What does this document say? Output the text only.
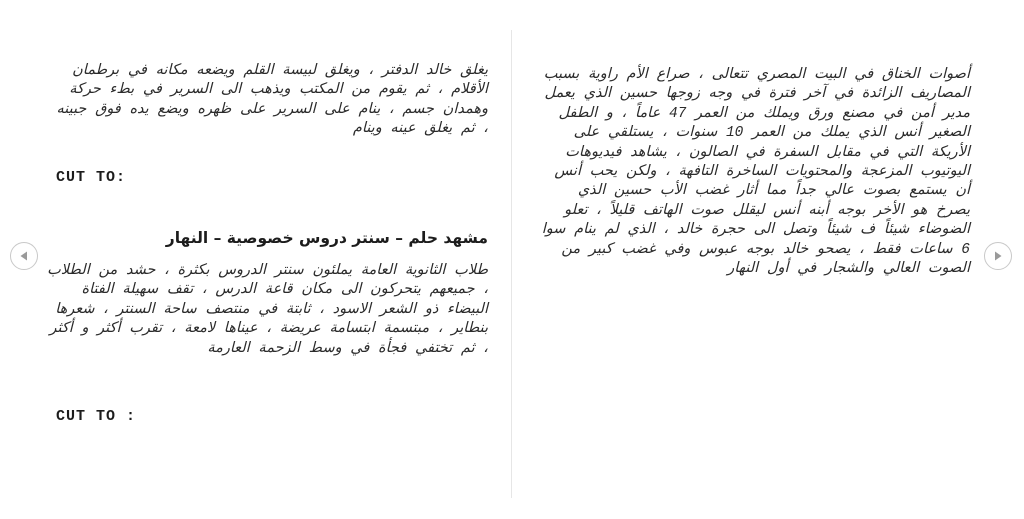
يغلق خالد الدفتر ، ويغلق لبيسة القلم ويضعه مكانه في برطمان الأقلام ، ثم يقوم من المكتب ويذهب الى السرير في بطء حركة وهمدان جسم ، ينام على السرير على ظهره ويضع يده فوق جبينه ، ثم يغلق عينه وينام
CUT TO:
مشهد حلم – سنتر دروس خصوصية – النهار
طلاب الثانوية العامة يملئون سنتر الدروس بكثرة ، حشد من الطلاب ، جميعهم يتحركون الى مكان قاعة الدرس ، تقف سهيلة الفتاة البيضاء ذو الشعر الاسود ، ثابتة في منتصف ساحة السنتر ، شعرها بنطاير ، مبتسمة ابتسامة عريضة ، عيناها لامعة ، تقرب أكثر و أكثر ، ثم تختفي فجأة في وسط الزحمة العارمة
CUT TO :
أصوات الخناق في البيت المصري تتعالى ، صراع الأم راوية بسبب المصاريف الزائدة في آخر فترة في وجه زوجها حسين الذي يعمل مدير أمن في مصنع ورق ويملك من العمر 47 عاماً ، و الطفل الصغير أنس الذي يملك من العمر 10 سنوات ، يستلقي على الأريكة التي في مقابل السفرة في الصالون ، يشاهد فيديوهات اليوتيوب المزعجة والمحتويات الساخرة التافهة ، ولكن يحب أنس أن يستمع بصوت عالي جداً مما أثار غضب الأب حسين الذي يصرخ هو الأخر بوجه أبنه أنس ليقلل صوت الهاتف قليلاً ، تعلو الضوضاء شيئاً ف شيئاً وتصل الى حجرة خالد ، الذي لم ينام سوا 6 ساعات فقط ، يصحو خالد بوجه عبوس وفي غضب كبير من الصوت العالي والشجار في أول النهار
